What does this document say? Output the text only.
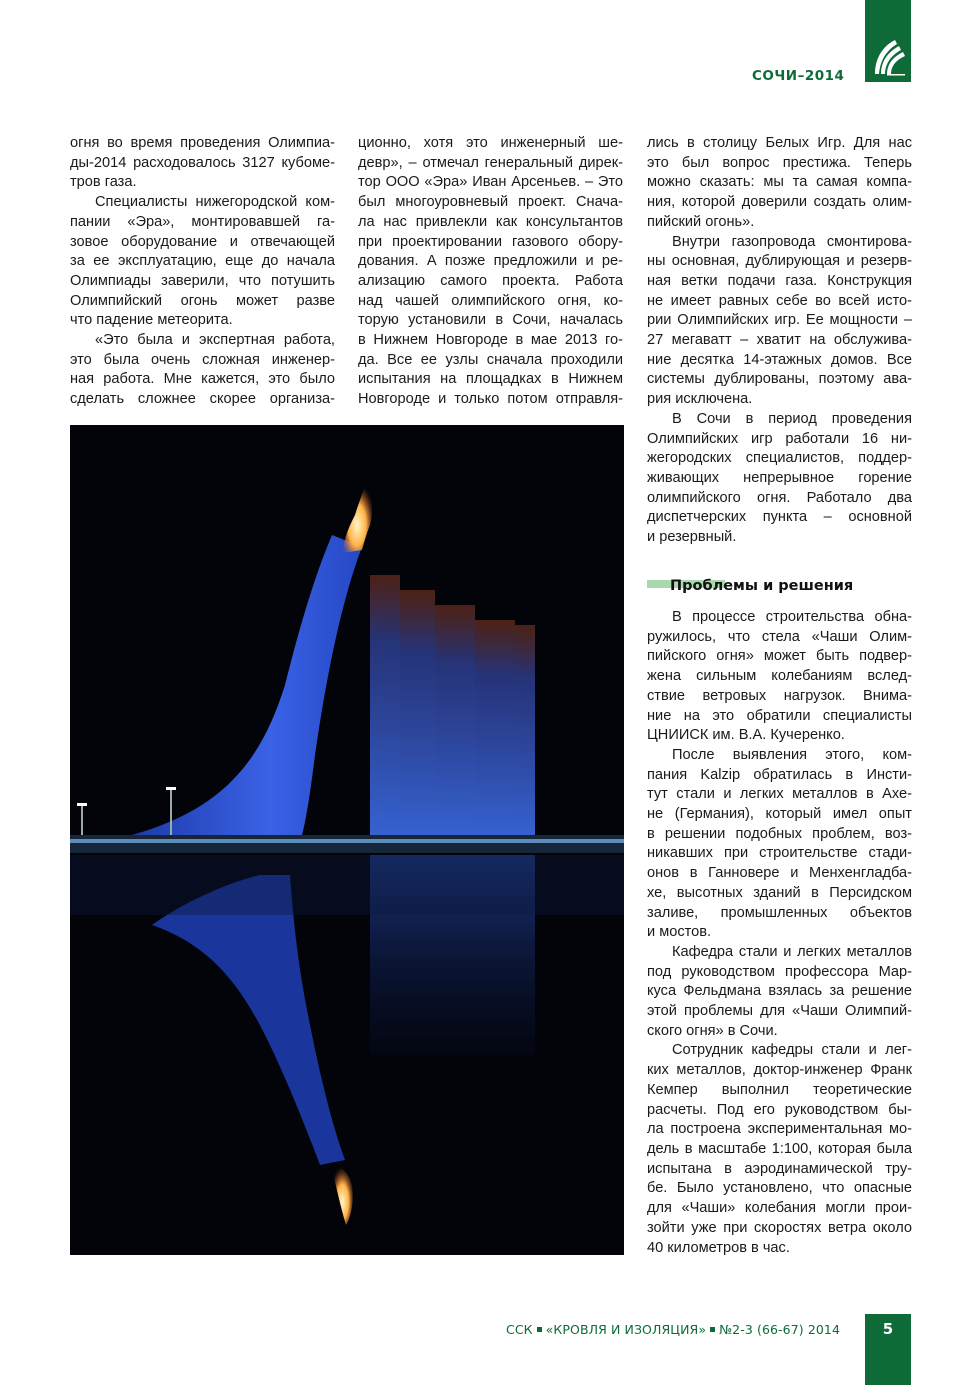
СОЧИ–2014
огня во время проведения Олимпиа-
ды-2014 расходовалось 3127 кубоме-
тров газа.
Специалисты нижегородской ком-
пании «Эра», монтировавшей га-
зовое оборудование и отвечающей
за ее эксплуатацию, еще до начала
Олимпиады заверили, что потушить
Олимпийский огонь может разве
что падение метеорита.
«Это была и экспертная работа,
это была очень сложная инженер-
ная работа. Мне кажется, это было
сделать сложнее скорее организа-
ционно, хотя это инженерный ше-
девр», – отмечал генеральный дирек-
тор ООО «Эра» Иван Арсеньев. – Это
был многоуровневый проект. Снача-
ла нас привлекли как консультантов
при проектировании газового обору-
дования. А позже предложили и ре-
ализацию самого проекта. Работа
над чашей олимпийского огня, ко-
торую установили в Сочи, началась
в Нижнем Новгороде в мае 2013 го-
да. Все ее узлы сначала проходили
испытания на площадках в Нижнем
Новгороде и только потом отправля-
лись в столицу Белых Игр. Для нас
это был вопрос престижа. Теперь
можно сказать: мы та самая компа-
ния, которой доверили создать олим-
пийский огонь».
Внутри газопровода смонтирова-
ны основная, дублирующая и резерв-
ная ветки подачи газа. Конструкция
не имеет равных себе во всей исто-
рии Олимпийских игр. Ее мощности –
27 мегаватт – хватит на обслужива-
ние десятка 14-этажных домов. Все
системы дублированы, поэтому ава-
рия исключена.
В Сочи в период проведения
Олимпийских игр работали 16 ни-
жегородских специалистов, поддер-
живающих непрерывное горение
олимпийского огня. Работало два
диспетчерских пункта – основной
и резервный.
Проблемы и решения
В процессе строительства обна-
ружилось, что стела «Чаши Олим-
пийского огня» может быть подвер-
жена сильным колебаниям вслед-
ствие ветровых нагрузок. Внима-
ние на это обратили специалисты
ЦНИИСК им. В.А. Кучеренко.
После выявления этого, ком-
пания Kalzip обратилась в Инсти-
тут стали и легких металлов в Ахе-
не (Германия), который имел опыт
в решении подобных проблем, воз-
никавших при строительстве стади-
онов в Ганновере и Менхенгладба-
хе, высотных зданий в Персидском
заливе, промышленных объектов
и мостов.
Кафедра стали и легких металлов
под руководством профессора Мар-
куса Фельдмана взялась за решение
этой проблемы для «Чаши Олимпий-
ского огня» в Сочи.
Сотрудник кафедры стали и лег-
ких металлов, доктор-инженер Франк
Кемпер выполнил теоретические
расчеты. Под его руководством бы-
ла построена экспериментальная мо-
дель в масштабе 1:100, которая была
испытана в аэродинамической тру-
бе. Было установлено, что опасные
для «Чаши» колебания могли прои-
зойти уже при скоростях ветра около
40 километров в час.
ССК «КРОВЛЯ И ИЗОЛЯЦИЯ» №2-3 (66-67) 2014	5
